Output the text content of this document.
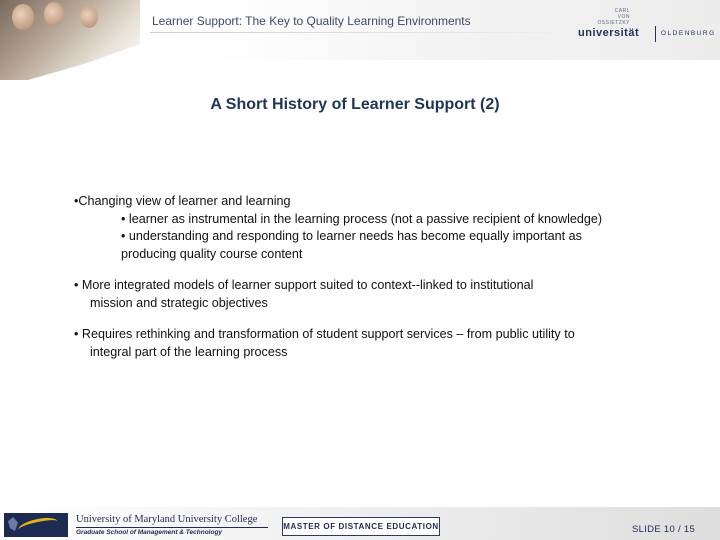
Learner Support: The Key to Quality Learning Environments
CARL
VON
OSSIETZKY
universität	OLDENBURG
A Short History of Learner Support (2)
•Changing view of learner and learning
• learner as instrumental in the learning process (not a passive recipient of knowledge)
• understanding and responding to learner needs has become equally important as
producing quality course content
• More integrated models of learner support suited to context--linked to institutional
mission and strategic objectives
• Requires rethinking and transformation of student support services – from public utility to
integral part of the learning process
University of Maryland University College
Graduate School of Management & Technology
MASTER OF DISTANCE EDUCATION	SLIDE 10 / 15
